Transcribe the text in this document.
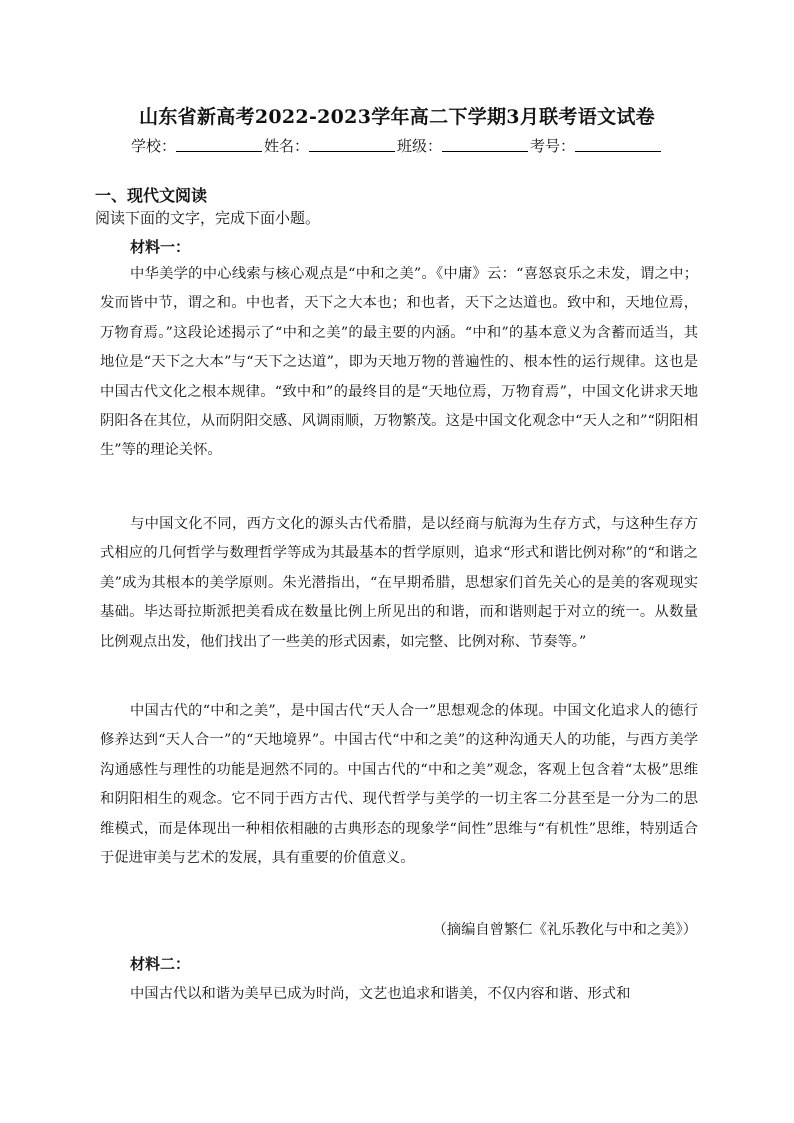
山东省新高考2022-2023学年高二下学期3月联考语文试卷
学校：	姓名：	班级：	考号：
一、现代文阅读
阅读下面的文字，完成下面小题。
材料一：
中华美学的中心线索与核心观点是“中和之美”。《中庸》云：“喜怒哀乐之未发，谓之中；发而皆中节，谓之和。中也者，天下之大本也；和也者，天下之达道也。致中和，天地位焉，万物育焉。”这段论述揭示了“中和之美”的最主要的内涵。“中和”的基本意义为含蓄而适当，其地位是“天下之大本”与“天下之达道”，即为天地万物的普遍性的、根本性的运行规律。这也是中国古代文化之根本规律。“致中和”的最终目的是“天地位焉，万物育焉”，中国文化讲求天地阴阳各在其位，从而阴阳交感、风调雨顺，万物繁茂。这是中国文化观念中“天人之和”“阴阳相生”等的理论关怀。
与中国文化不同，西方文化的源头古代希腊，是以经商与航海为生存方式，与这种生存方式相应的几何哲学与数理哲学等成为其最基本的哲学原则，追求“形式和谐比例对称”的“和谐之美”成为其根本的美学原则。朱光潜指出，“在早期希腊，思想家们首先关心的是美的客观现实基础。毕达哥拉斯派把美看成在数量比例上所见出的和谐，而和谐则起于对立的统一。从数量比例观点出发，他们找出了一些美的形式因素，如完整、比例对称、节奏等。”
中国古代的“中和之美”，是中国古代“天人合一”思想观念的体现。中国文化追求人的德行修养达到“天人合一”的“天地境界”。中国古代“中和之美”的这种沟通天人的功能，与西方美学沟通感性与理性的功能是迥然不同的。中国古代的“中和之美”观念，客观上包含着“太极”思维和阴阳相生的观念。它不同于西方古代、现代哲学与美学的一切主客二分甚至是一分为二的思维模式，而是体现出一种相依相融的古典形态的现象学“间性”思维与“有机性”思维，特别适合于促进审美与艺术的发展，具有重要的价值意义。
（摘编自曾繁仁《礼乐教化与中和之美》）
材料二：
中国古代以和谐为美早已成为时尚，文艺也追求和谐美，不仅内容和谐、形式和
